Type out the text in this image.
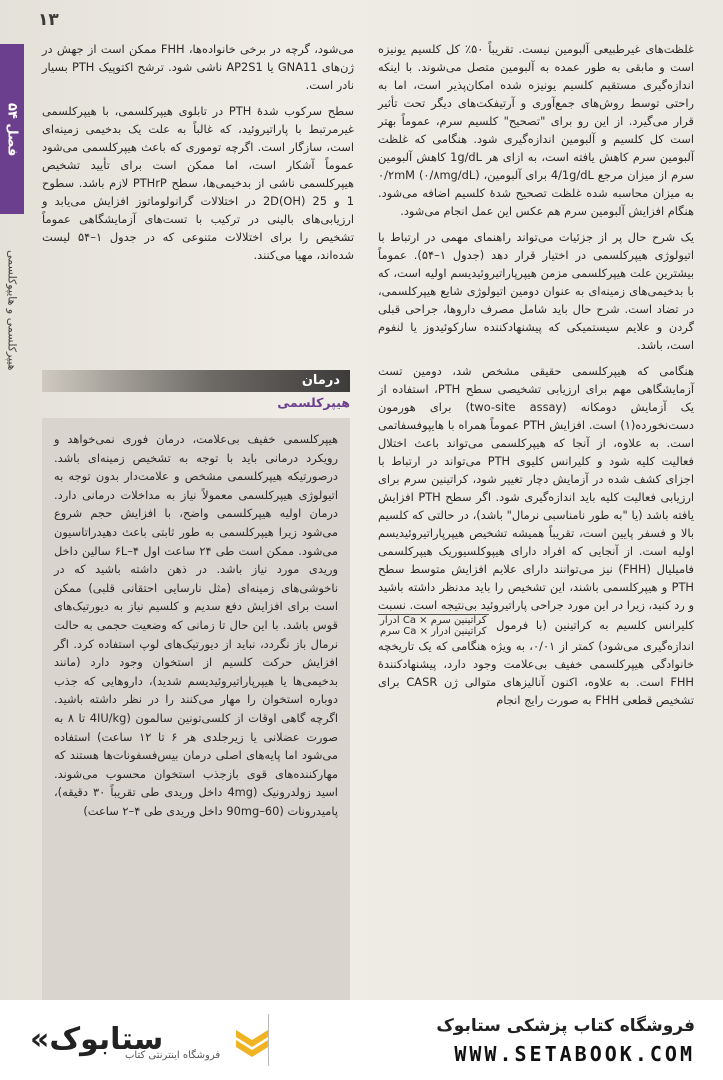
۱۳
فصل ۵۴
هیپرکلسمی و هایپوکلسمی

غلظت‌های غیرطبیعی آلبومین نیست. تقریباً ۵۰٪ کل کلسیم یونیزه است و مابقی به طور عمده به آلبومین متصل می‌شوند. با اینکه اندازه‌گیری مستقیم کلسیم یونیزه شده امکان‌پذیر است، اما به راحتی توسط روش‌های جمع‌آوری و آرتیفکت‌های دیگر تحت تأثیر قرار می‌گیرد. از این رو برای "تصحیح" کلسیم سرم، عموماً بهتر است کل کلسیم و آلبومین اندازه‌گیری شود. هنگامی که غلظت آلبومین سرم کاهش یافته است، به ازای هر 1g/dL کاهش آلبومین سرم از میزان مرجع 4/1g/dL برای آلبومین، ۰/۲mM (۰/۸mg/dL) به میزان محاسبه شده غلظت تصحیح شدهٔ کلسیم اضافه می‌شود. هنگام افزایش آلبومین سرم هم عکس این عمل انجام می‌شود.

یک شرح حال پر از جزئیات می‌تواند راهنمای مهمی در ارتباط با اتیولوژی هیپرکلسمی در اختیار قرار دهد (جدول ۱–۵۴). عموماً بیشترین علت هیپرکلسمی مزمن هیپرپاراتیروئیدیسم اولیه است، که با بدخیمی‌های زمینه‌ای به عنوان دومین اتیولوژی شایع هیپرکلسمی، در تضاد است. شرح حال باید شامل مصرف داروها، جراحی قبلی گردن و علایم سیستمیکی که پیشنهادکننده سارکوئیدوز یا لنفوم است، باشد.

هنگامی که هیپرکلسمی حقیقی مشخص شد، دومین تست آزمایشگاهی مهم برای ارزیابی تشخیصی سطح PTH، استفاده از یک آزمایش دومکانه (two-site assay) برای هورمون دست‌نخورده(۱) است. افزایش PTH عموماً همراه با هایپوفسفاتمی است. به علاوه، از آنجا که هیپرکلسمی می‌تواند باعث اختلال فعالیت کلیه شود و کلیرانس کلیوی PTH می‌تواند در ارتباط با اجزای کشف شده در آزمایش دچار تغییر شود، کراتینین سرم برای ارزیابی فعالیت کلیه باید اندازه‌گیری شود. اگر سطح PTH افزایش یافته باشد (یا "به طور نامناسبی نرمال" باشد)، در حالتی که کلسیم بالا و فسفر پایین است، تقریباً همیشه تشخیص هیپرپاراتیروئیدیسم اولیه است. از آنجایی که افراد دارای هیپوکلسیوریک هیپرکلسمی فامیلیال (FHH) نیز می‌توانند دارای علایم افزایش متوسط سطح PTH و هیپرکلسمی باشند، این تشخیص را باید مدنظر داشته باشید و رد کنید، زیرا در این مورد جراحی پاراتیروئید بی‌نتیجه است. نسبت کلیرانس کلسیم به کراتینین (با فرمول کراتینین سرم × Ca ادرار
کراتینین ادرار × Ca سرم اندازه‌گیری می‌شود) کمتر از ۰/۰۱، به ویژه هنگامی که یک تاریخچه خانوادگی هیپرکلسمی خفیف بی‌علامت وجود دارد، پیشنهادکنندهٔ FHH است. به علاوه، اکنون آنالیزهای متوالی ژن CASR برای تشخیص قطعی FHH به صورت رایج انجام

می‌شود، گرچه در برخی خانواده‌ها، FHH ممکن است از جهش در ژن‌های GNA11 یا AP2S1 ناشی شود. ترشح اکتوپیک PTH بسیار نادر است.

سطح سرکوب شدهٔ PTH در تابلوی هیپرکلسمی، با هیپرکلسمی غیرمرتبط با پاراتیروئید، که غالباً به علت یک بدخیمی زمینه‌ای است، سازگار است. اگرچه توموری که باعث هیپرکلسمی می‌شود عموماً آشکار است، اما ممکن است برای تأیید تشخیص هیپرکلسمی ناشی از بدخیمی‌ها، سطح PTHrP لازم باشد. سطوح 1 و 25 (OH)2D در اختلالات گرانولوماتوز افزایش می‌یابد و ارزیابی‌های بالینی در ترکیب با تست‌های آزمایشگاهی عموماً تشخیص را برای اختلالات متنوعی که در جدول ۱–۵۴ لیست شده‌اند، مهیا می‌کنند.

درمان
هیپرکلسمی

هیپرکلسمی خفیف بی‌علامت، درمان فوری نمی‌خواهد و رویکرد درمانی باید با توجه به تشخیص زمینه‌ای باشد. درصورتیکه هیپرکلسمی مشخص و علامت‌دار بدون توجه به اتیولوژی هیپرکلسمی معمولاً نیاز به مداخلات درمانی دارد. درمان اولیه هیپرکلسمی واضح، با افزایش حجم شروع می‌شود زیرا هیپرکلسمی به طور ثابتی باعث دهیدراتاسیون می‌شود. ممکن است طی ۲۴ ساعت اول ۶L–۴ سالین داخل وریدی مورد نیاز باشد. در ذهن داشته باشید که در ناخوشی‌های زمینه‌ای (مثل نارسایی احتقانی قلبی) ممکن است برای افزایش دفع سدیم و کلسیم نیاز به دیورتیک‌های قوس باشد. با این حال تا زمانی که وضعیت حجمی به حالت نرمال باز نگردد، نباید از دیورتیک‌های لوپ استفاده کرد. اگر افزایش حرکت کلسیم از استخوان وجود دارد (مانند بدخیمی‌ها یا هیپرپاراتیروئیدیسم شدید)، داروهایی که جذب دوباره استخوان را مهار می‌کنند را در نظر داشته باشید. اگرچه گاهی اوقات از کلسی‌تونین سالمون (4IU/kg تا ۸ به صورت عضلانی یا زیرجلدی هر ۶ تا ۱۲ ساعت) استفاده می‌شود اما پایه‌های اصلی درمان بیس‌فسفونات‌ها هستند که مهارکننده‌های قوی بازجذب استخوان محسوب می‌شوند. اسید زولدرونیک (4mg داخل وریدی طی تقریباً ۳۰ دقیقه)، پامیدرونات (60–90mg داخل وریدی طی ۴–۲ ساعت)

«ستابوک
فروشگاه اینترنتی کتاب
فروشگاه کتاب پزشکی ستابوک
WWW.SETABOOK.COM
